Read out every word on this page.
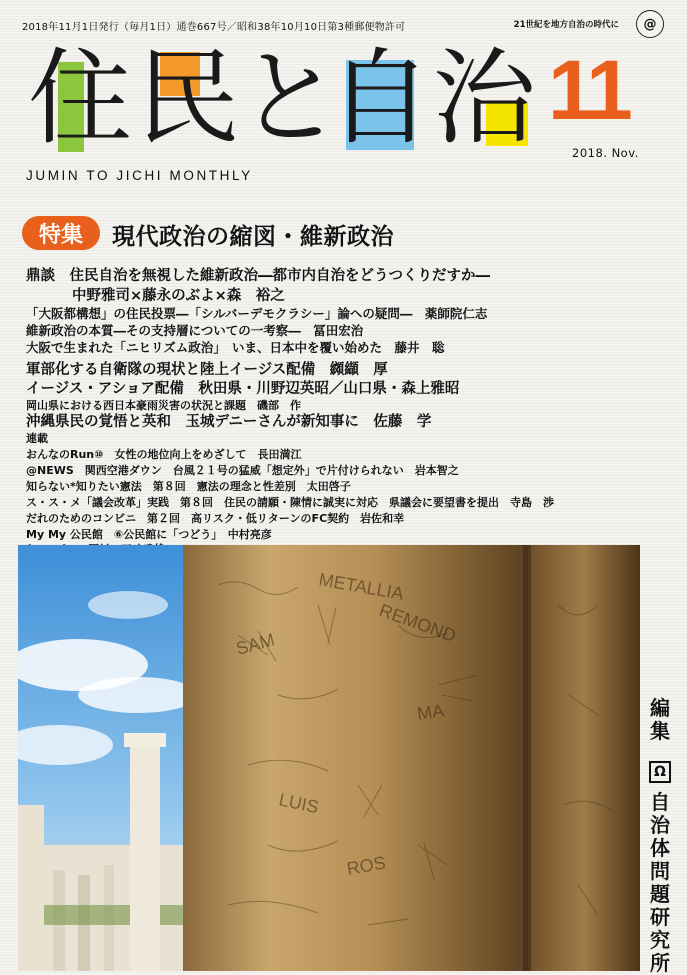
2018年11月1日発行（毎月1日）通巻667号／昭和38年10月10日第3種郵便物許可	21世紀を地方自治の時代に	@
住 民
と
自 治 11
2018. Nov.
JUMIN TO JICHI MONTHLY
特集	現代政治の縮図・維新政治
鼎談　住民自治を無視した維新政治―都市内自治をどうつくりだすか―
中野雅司×藤永のぶよ×森　裕之
「大阪都構想」の住民投票―「シルバーデモクラシー」論への疑問―　薬師院仁志
維新政治の本質―その支持層についての一考察―　冨田宏治
大阪で生まれた「ニヒリズム政治」　いま、日本中を覆い始めた　藤井　聡
軍部化する自衛隊の現状と陸上イージス配備　纐纈　厚
イージス・アショア配備　秋田県・川野辺英昭／山口県・森上雅昭
岡山県における西日本豪雨災害の状況と課題　磯部　作
沖縄県民の覚悟と英和　玉城デニーさんが新知事に　佐藤　学
連載
おんなのRun⑩　女性の地位向上をめざして　長田満江
@NEWS　関西空港ダウン　台風２１号の猛威「想定外」で片付けられない　岩本智之
知らない*知りたい憲法　第８回　憲法の理念と性差別　太田啓子
ス・ス・メ「議会改革」実践　第８回　住民の請願・陳情に誠実に対応　県議会に要望書を提出　寺島　渉
だれのためのコンビニ　第２回　高リスク・低リターンのFC契約　岩佐和幸
My My 公民館　⑥公民館に「つどう」　中村亮彦
METALLIA
SAM	REMOND
MA
LUIS
ROS
編
集
Ω
自
治
体
問
題
研
究
所
